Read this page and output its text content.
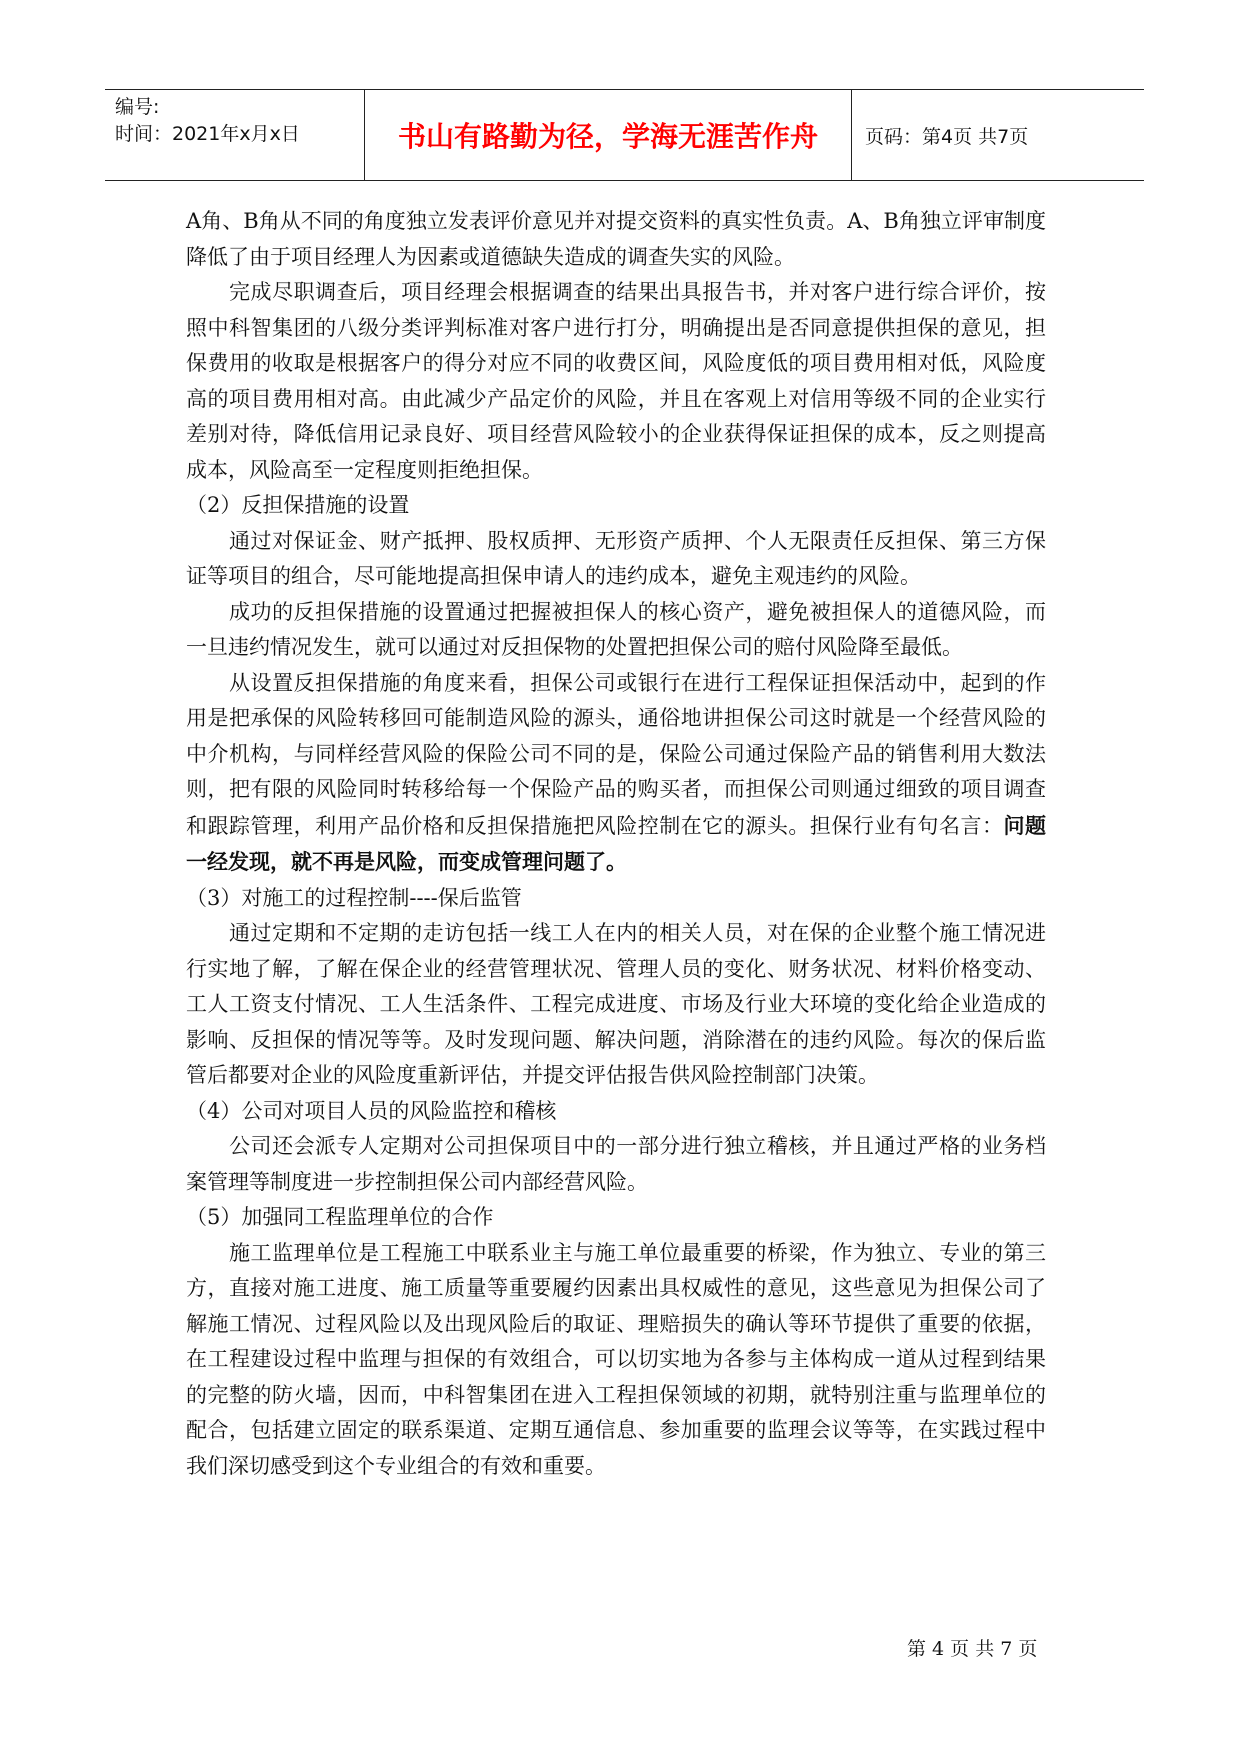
编号:
时间：2021年x月x日	书山有路勤为径，学海无涯苦作舟	页码：第4页 共7页

A角、B角从不同的角度独立发表评价意见并对提交资料的真实性负责。A、B角独立评审制度降低了由于项目经理人为因素或道德缺失造成的调查失实的风险。

完成尽职调查后，项目经理会根据调查的结果出具报告书，并对客户进行综合评价，按照中科智集团的八级分类评判标准对客户进行打分，明确提出是否同意提供担保的意见，担保费用的收取是根据客户的得分对应不同的收费区间，风险度低的项目费用相对低，风险度高的项目费用相对高。由此减少产品定价的风险，并且在客观上对信用等级不同的企业实行差别对待，降低信用记录良好、项目经营风险较小的企业获得保证担保的成本，反之则提高成本，风险高至一定程度则拒绝担保。

（2）反担保措施的设置

通过对保证金、财产抵押、股权质押、无形资产质押、个人无限责任反担保、第三方保证等项目的组合，尽可能地提高担保申请人的违约成本，避免主观违约的风险。

成功的反担保措施的设置通过把握被担保人的核心资产，避免被担保人的道德风险，而一旦违约情况发生，就可以通过对反担保物的处置把担保公司的赔付风险降至最低。

从设置反担保措施的角度来看，担保公司或银行在进行工程保证担保活动中，起到的作用是把承保的风险转移回可能制造风险的源头，通俗地讲担保公司这时就是一个经营风险的中介机构，与同样经营风险的保险公司不同的是，保险公司通过保险产品的销售利用大数法则，把有限的风险同时转移给每一个保险产品的购买者，而担保公司则通过细致的项目调查和跟踪管理，利用产品价格和反担保措施把风险控制在它的源头。担保行业有句名言：问题一经发现，就不再是风险，而变成管理问题了。

（3）对施工的过程控制----保后监管

通过定期和不定期的走访包括一线工人在内的相关人员，对在保的企业整个施工情况进行实地了解，了解在保企业的经营管理状况、管理人员的变化、财务状况、材料价格变动、工人工资支付情况、工人生活条件、工程完成进度、市场及行业大环境的变化给企业造成的影响、反担保的情况等等。及时发现问题、解决问题，消除潜在的违约风险。每次的保后监管后都要对企业的风险度重新评估，并提交评估报告供风险控制部门决策。

（4）公司对项目人员的风险监控和稽核

公司还会派专人定期对公司担保项目中的一部分进行独立稽核，并且通过严格的业务档案管理等制度进一步控制担保公司内部经营风险。

（5）加强同工程监理单位的合作

施工监理单位是工程施工中联系业主与施工单位最重要的桥梁，作为独立、专业的第三方，直接对施工进度、施工质量等重要履约因素出具权威性的意见，这些意见为担保公司了解施工情况、过程风险以及出现风险后的取证、理赔损失的确认等环节提供了重要的依据，在工程建设过程中监理与担保的有效组合，可以切实地为各参与主体构成一道从过程到结果的完整的防火墙，因而，中科智集团在进入工程担保领域的初期，就特别注重与监理单位的配合，包括建立固定的联系渠道、定期互通信息、参加重要的监理会议等等，在实践过程中我们深切感受到这个专业组合的有效和重要。

第 4 页 共 7 页
